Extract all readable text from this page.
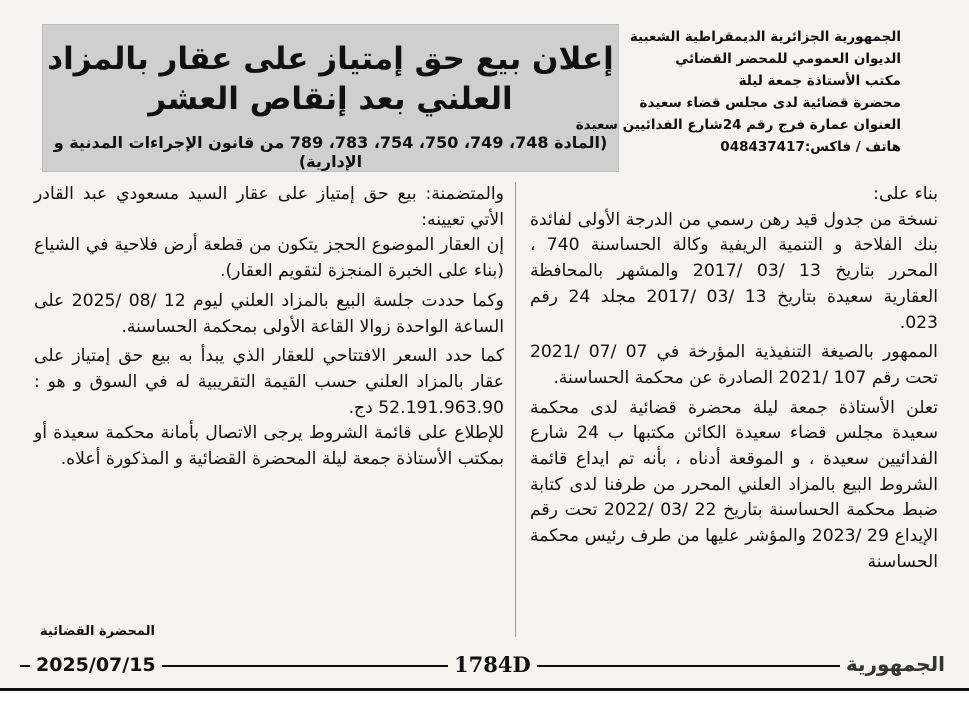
إعلان بيع حق إمتياز على عقار بالمزاد
العلني بعد إنقاص العشر
(المادة 748، 749، 750، 754، 783، 789 من قانون الإجراءات المدنية و الإدارية)
الجمهورية الجزائرية الديمقراطية الشعبية
الديوان العمومي للمحضر القضائي
مكتب الأستاذة جمعة ليلة
محضرة قضائية لدى مجلس قضاء سعيدة
العنوان عمارة فرج رقم 24شارع الفدائيين سعيدة
هاتف / فاكس:048437417

بناء على:

نسخة من جدول قيد رهن رسمي من الدرجة الأولى لفائدة بنك الفلاحة و التنمية الريفية وكالة الحساسنة 740 ، المحرر بتاريخ 13 /03 /2017 والمشهر بالمحافظة العقارية سعيدة بتاريخ 13 /03 /2017 مجلد 24 رقم 023.

الممهور بالصيغة التنفيذية المؤرخة في 07 /07 /2021 تحت رقم 107 /2021 الصادرة عن محكمة الحساسنة.

تعلن الأستاذة جمعة ليلة محضرة قضائية لدى محكمة سعيدة مجلس قضاء سعيدة الكائن مكتبها ب 24 شارع الفدائيين سعيدة ، و الموقعة أدناه ، بأنه تم ايداع قائمة الشروط البيع بالمزاد العلني المحرر من طرفنا لدى كتابة ضبط محكمة الحساسنة بتاريخ 22 /03 /2022 تحت رقم الإيداع 29 /2023 والمؤشر عليها من طرف رئيس محكمة الحساسنة

والمتضمنة: بيع حق إمتياز على عقار السيد مسعودي عبد القادر الأتي تعيينه:

إن العقار الموضوع الحجز يتكون من قطعة أرض فلاحية في الشياع (بناء على الخبرة المنجزة لتقويم العقار).

وكما حددت جلسة البيع بالمزاد العلني ليوم 12 /08 /2025 على الساعة الواحدة زوالا القاعة الأولى بمحكمة الحساسنة.

كما حدد السعر الافتتاحي للعقار الذي يبدأ به بيع حق إمتياز على عقار بالمزاد العلني حسب القيمة التقريبية له في السوق و هو : 52.191.963.90 دج.

للإطلاع على قائمة الشروط يرجى الاتصال بأمانة محكمة سعيدة أو بمكتب الأستاذة جمعة ليلة المحضرة القضائية و المذكورة أعلاه.

المحضرة القضائية
2025/07/15	1784D	الجمهورية
